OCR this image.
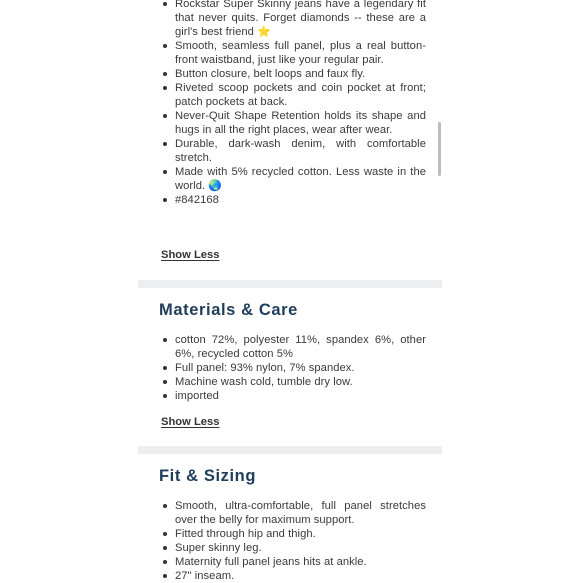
Rockstar Super Skinny jeans have a legendary fit that never quits. Forget diamonds -- these are a girl's best friend ⭐
Smooth, seamless full panel, plus a real button-front waistband, just like your regular pair.
Button closure, belt loops and faux fly.
Riveted scoop pockets and coin pocket at front; patch pockets at back.
Never-Quit Shape Retention holds its shape and hugs in all the right places, wear after wear.
Durable, dark-wash denim, with comfortable stretch.
Made with 5% recycled cotton. Less waste in the world. 🌏
#842168
Show Less
Materials & Care
cotton 72%, polyester 11%, spandex 6%, other 6%, recycled cotton 5%
Full panel: 93% nylon, 7% spandex.
Machine wash cold, tumble dry low.
imported
Show Less
Fit & Sizing
Smooth, ultra-comfortable, full panel stretches over the belly for maximum support.
Fitted through hip and thigh.
Super skinny leg.
Maternity full panel jeans hits at ankle.
27" inseam.
